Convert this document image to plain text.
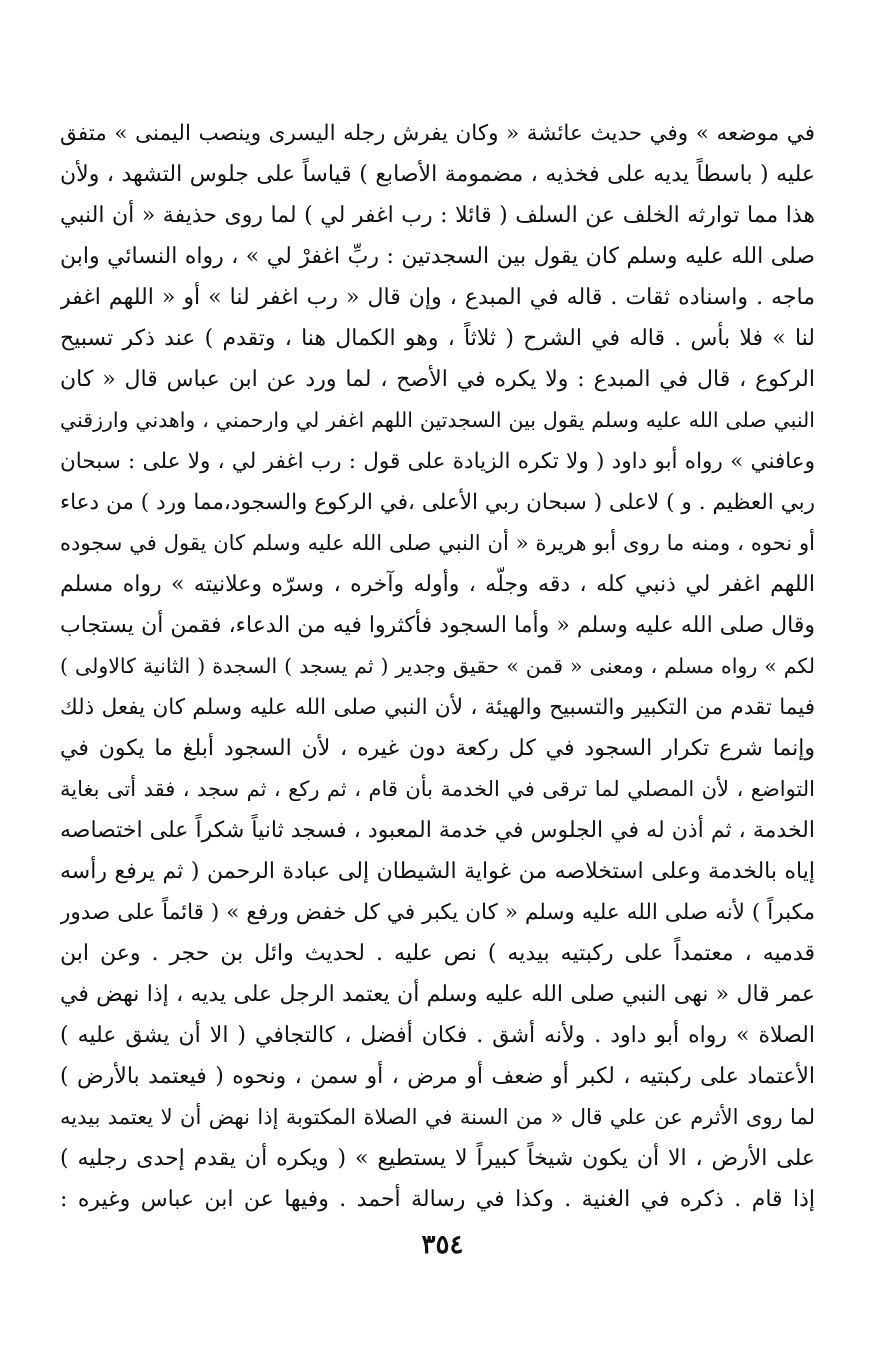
في موضعه » وفي حديث عائشة « وكان يفرش رجله اليسرى وينصب اليمنى » متفق
عليه ( باسطاً يديه على فخذيه ، مضمومة الأصابع ) قياساً على جلوس التشهد ، ولأن
هذا مما توارثه الخلف عن السلف ( قائلا : رب اغفر لي ) لما روى حذيفة « أن النبي
صلى الله عليه وسلم كان يقول بين السجدتين : ربِّ اغفرْ لي » ، رواه النسائي وابن
ماجه . واسناده ثقات . قاله في المبدع ، وإن قال « رب اغفر لنا » أو « اللهم اغفر
لنا » فلا بأس . قاله في الشرح ( ثلاثاً ، وهو الكمال هنا ، وتقدم ) عند ذكر تسبيح
الركوع ، قال في المبدع : ولا يكره في الأصح ، لما ورد عن ابن عباس قال « كان
النبي صلى الله عليه وسلم يقول بين السجدتين اللهم اغفر لي وارحمني ، واهدني وارزقني
وعافني » رواه أبو داود ( ولا تكره الزيادة على قول : رب اغفر لي ، ولا على : سبحان
ربي العظيم . و ) لاعلى ( سبحان ربي الأعلى ،في الركوع والسجود،مما ورد ) من دعاء
أو نحوه ، ومنه ما روى أبو هريرة « أن النبي صلى الله عليه وسلم كان يقول في سجوده
اللهم اغفر لي ذنبي كله ، دقه وجلّه ، وأوله وآخره ، وسرّه وعلانيته » رواه مسلم
وقال صلى الله عليه وسلم « وأما السجود فأكثروا فيه من الدعاء، فقمن أن يستجاب
لكم » رواه مسلم ، ومعنى « قمن » حقيق وجدير ( ثم يسجد ) السجدة ( الثانية كالاولى )
فيما تقدم من التكبير والتسبيح والهيئة ، لأن النبي صلى الله عليه وسلم كان يفعل ذلك
وإنما شرع تكرار السجود في كل ركعة دون غيره ، لأن السجود أبلغ ما يكون في
التواضع ، لأن المصلي لما ترقى في الخدمة بأن قام ، ثم ركع ، ثم سجد ، فقد أتى بغاية
الخدمة ، ثم أذن له في الجلوس في خدمة المعبود ، فسجد ثانياً شكراً على اختصاصه
إياه بالخدمة وعلى استخلاصه من غواية الشيطان إلى عبادة الرحمن ( ثم يرفع رأسه
مكبراً ) لأنه صلى الله عليه وسلم « كان يكبر في كل خفض ورفع » ( قائماً على صدور
قدميه ، معتمداً على ركبتيه بيديه ) نص عليه . لحديث وائل بن حجر . وعن ابن
عمر قال « نهى النبي صلى الله عليه وسلم أن يعتمد الرجل على يديه ، إذا نهض في
الصلاة » رواه أبو داود . ولأنه أشق . فكان أفضل ، كالتجافي ( الا أن يشق عليه )
الأعتماد على ركبتيه ، لكبر أو ضعف أو مرض ، أو سمن ، ونحوه ( فيعتمد بالأرض )
لما روى الأثرم عن علي قال « من السنة في الصلاة المكتوبة إذا نهض أن لا يعتمد بيديه
على الأرض ، الا أن يكون شيخاً كبيراً لا يستطيع » ( ويكره أن يقدم إحدى رجليه )
إذا قام . ذكره في الغنية . وكذا في رسالة أحمد . وفيها عن ابن عباس وغيره :
٣٥٤
